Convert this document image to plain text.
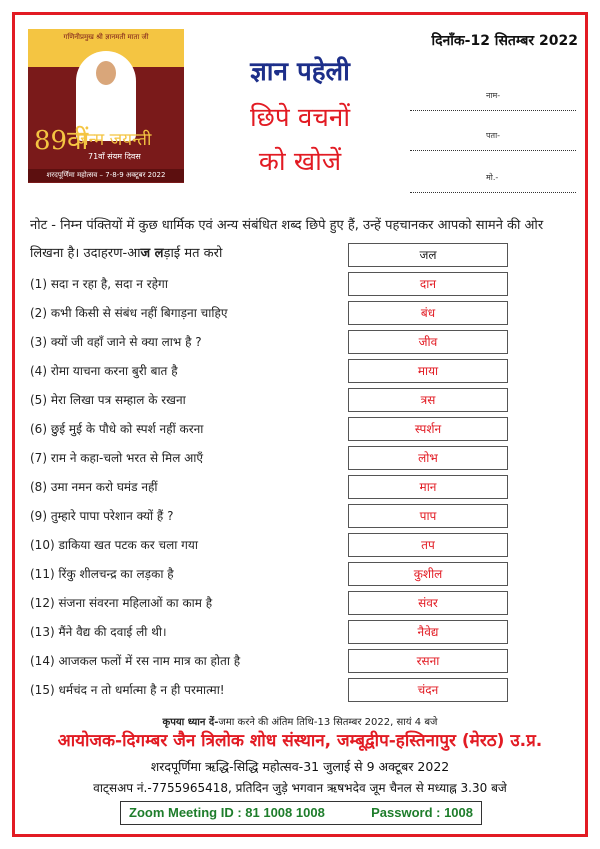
गणिनीप्रमुख श्री ज्ञानमती माता जी
89वीं
जन्म जयन्ती
71वाँ संयम दिवस
शरदपूर्णिमा महोत्सव – 7-8-9 अक्टूबर 2022
ज्ञान पहेली
छिपे वचनों
को खोजें
दिनाँक-12 सितम्बर 2022
नाम-
पता-
मो.-
नोट - निम्न पंक्तियों में कुछ धार्मिक एवं अन्य संबंधित शब्द छिपे हुए हैं, उन्हें पहचानकर आपको सामने की ओर लिखना है। उदाहरण-आज लड़ाई मत करो	जल
(1) सदा न रहा है, सदा न रहेगा	दान
(2) कभी किसी से संबंध नहीं बिगाड़ना चाहिए	बंध
(3) क्यों जी वहाँ जाने से क्या लाभ है ?	जीव
(4) रोमा याचना करना बुरी बात है	माया
(5) मेरा लिखा पत्र सम्हाल के रखना	त्रस
(6) छुई मुई के पौधे को स्पर्श नहीं करना	स्पर्शन
(7) राम ने कहा-चलो भरत से मिल आएँ	लोभ
(8) उमा नमन करो घमंड नहीं	मान
(9) तुम्हारे पापा परेशान क्यों हैं ?	पाप
(10) डाकिया खत पटक कर चला गया	तप
(11) रिंकु शीलचन्द्र का लड़का है	कुशील
(12) संजना संवरना महिलाओं का काम है	संवर
(13) मैंने वैद्य की दवाई ली थी।	नैवेद्य
(14) आजकल फलों में रस नाम मात्र का होता है	रसना
(15) धर्मचंद न तो धर्मात्मा है न ही परमात्मा!	चंदन
कृपया ध्यान दें-जमा करने की अंतिम तिथि-13 सितम्बर 2022, सायं 4 बजे
आयोजक-दिगम्बर जैन त्रिलोक शोध संस्थान, जम्बूद्वीप-हस्तिनापुर (मेरठ) उ.प्र.
शरदपूर्णिमा ऋद्धि-सिद्धि महोत्सव-31 जुलाई से 9 अक्टूबर 2022
वाट्सअप नं.-7755965418, प्रतिदिन जुड़े भगवान ऋषभदेव जूम चैनल से मध्याह्न 3.30 बजे
Zoom Meeting ID : 81 1008 1008	Password : 1008
